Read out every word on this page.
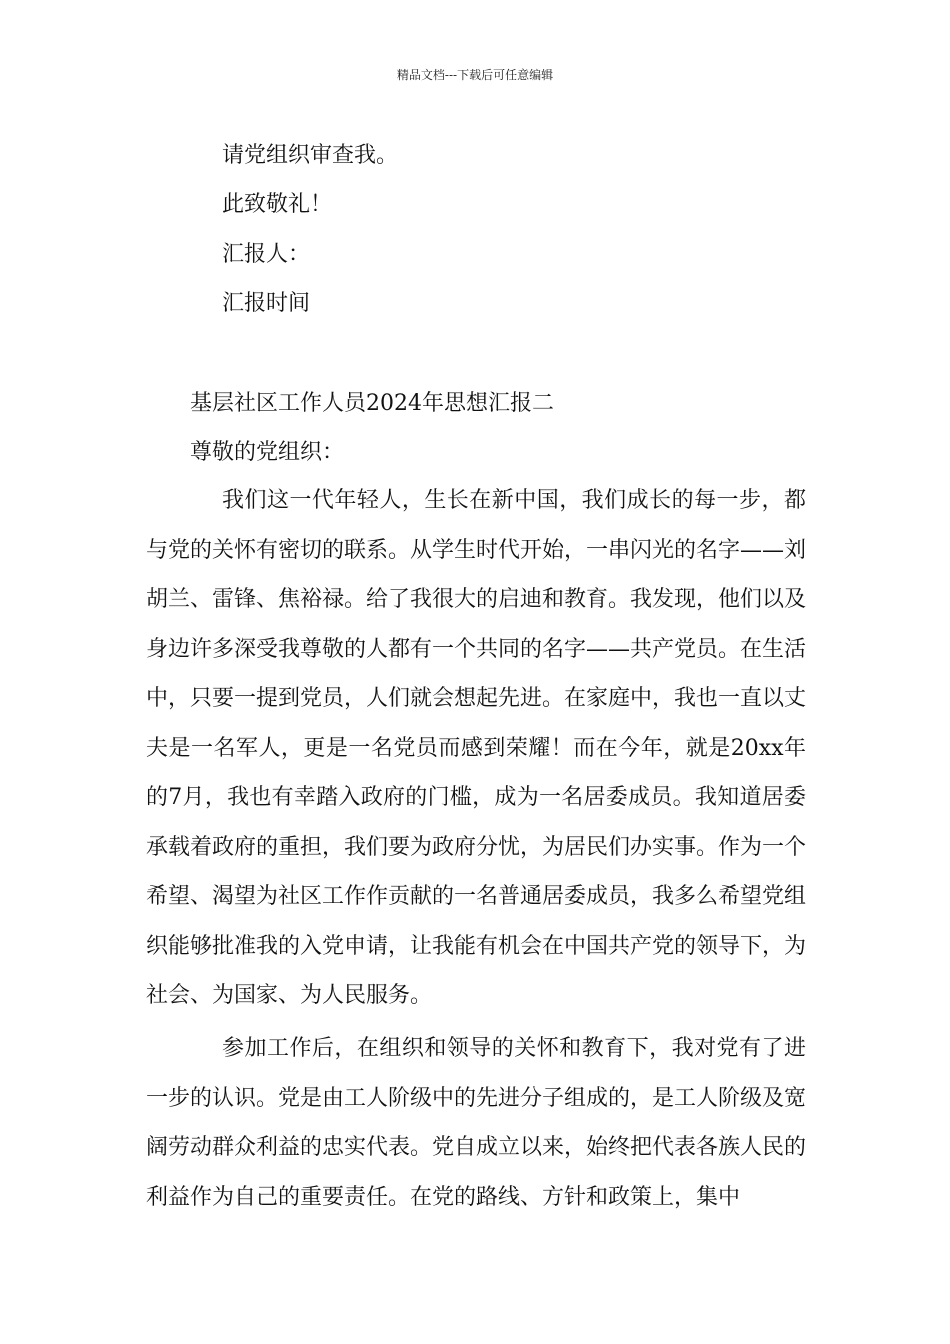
精品文档---下载后可任意编辑
请党组织审查我。
此致敬礼！
汇报人：
汇报时间
基层社区工作人员2024年思想汇报二
尊敬的党组织：
我们这一代年轻人，生长在新中国，我们成长的每一步，都与党的关怀有密切的联系。从学生时代开始，一串闪光的名字——刘胡兰、雷锋、焦裕禄。给了我很大的启迪和教育。我发现，他们以及身边许多深受我尊敬的人都有一个共同的名字——共产党员。在生活中，只要一提到党员，人们就会想起先进。在家庭中，我也一直以丈夫是一名军人，更是一名党员而感到荣耀！而在今年，就是20xx年的7月，我也有幸踏入政府的门槛，成为一名居委成员。我知道居委承载着政府的重担，我们要为政府分忧，为居民们办实事。作为一个希望、渴望为社区工作作贡献的一名普通居委成员，我多么希望党组织能够批准我的入党申请，让我能有机会在中国共产党的领导下，为社会、为国家、为人民服务。
参加工作后，在组织和领导的关怀和教育下，我对党有了进一步的认识。党是由工人阶级中的先进分子组成的，是工人阶级及宽阔劳动群众利益的忠实代表。党自成立以来，始终把代表各族人民的利益作为自己的重要责任。在党的路线、方针和政策上，集中
